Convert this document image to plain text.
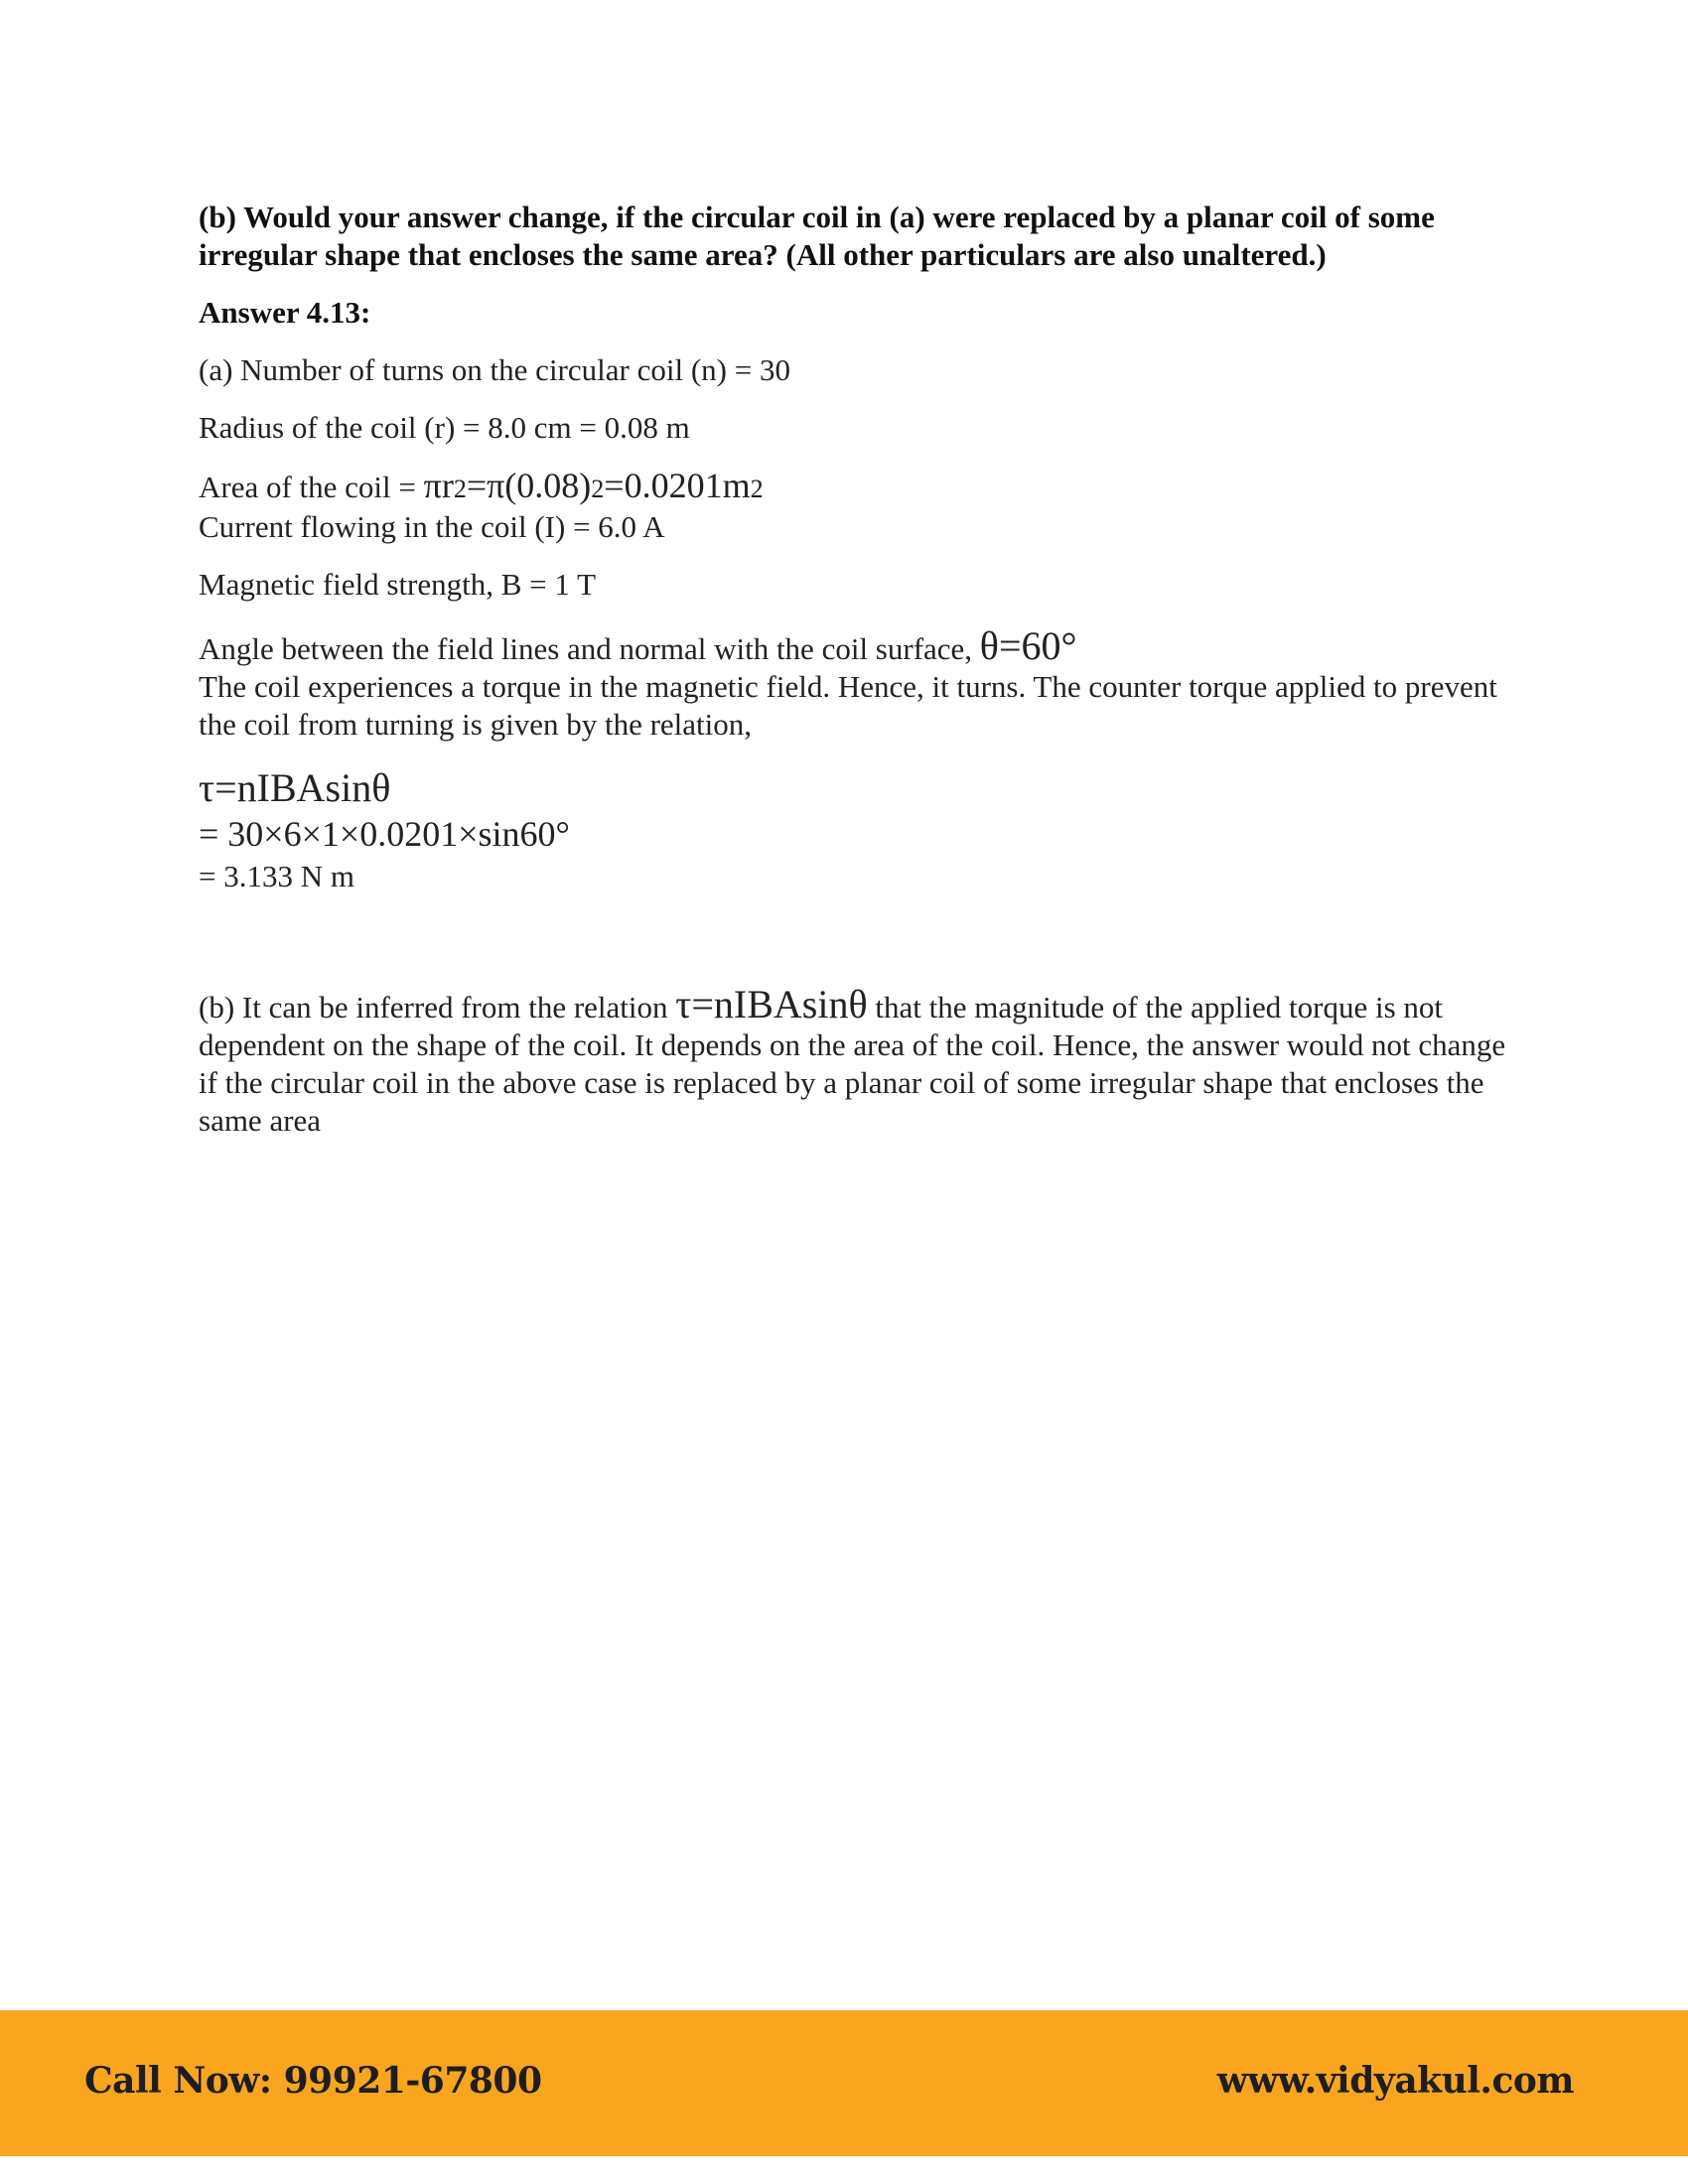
(b) Would your answer change, if the circular coil in (a) were replaced by a planar coil of some irregular shape that encloses the same area? (All other particulars are also unaltered.)

Answer 4.13:

(a) Number of turns on the circular coil (n) = 30

Radius of the coil (r) = 8.0 cm = 0.08 m

Area of the coil = πr2=π(0.08)2=0.0201m2

Current flowing in the coil (I) = 6.0 A

Magnetic field strength, B = 1 T

Angle between the field lines and normal with the coil surface, θ=60°

The coil experiences a torque in the magnetic field. Hence, it turns. The counter torque applied to prevent the coil from turning is given by the relation,

τ=nIBAsinθ

= 30×6×1×0.0201×sin60°

= 3.133 N m

(b) It can be inferred from the relation τ=nIBAsinθ that the magnitude of the applied torque is not dependent on the shape of the coil. It depends on the area of the coil. Hence, the answer would not change if the circular coil in the above case is replaced by a planar coil of some irregular shape that encloses the same area

Call Now: 99921-67800	www.vidyakul.com
